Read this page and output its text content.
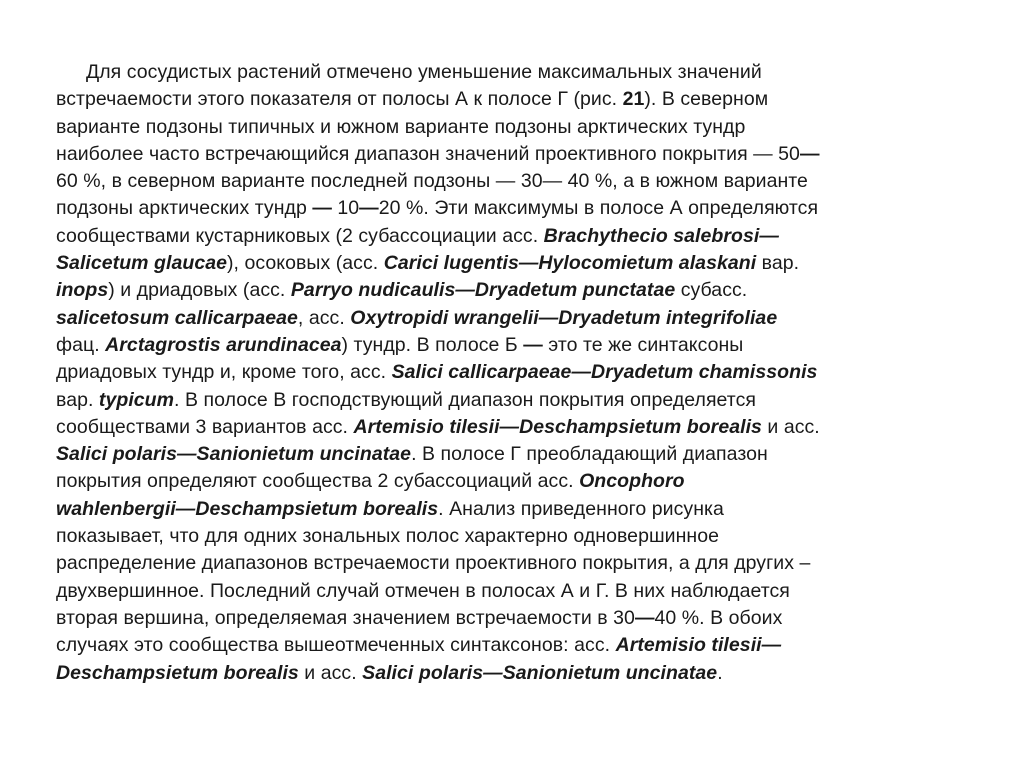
Для сосудистых растений отмечено уменьшение максимальных значений
встречаемости этого показателя от полосы А к полосе Г (рис. 21). В северном
варианте подзоны типичных и южном варианте подзоны арктических тундр
наиболее часто встречающийся диапазон значений проективного покрытия — 50—
60 %, в северном варианте последней подзоны — 30— 40 %, а в южном варианте
подзоны арктических тундр — 10—20 %. Эти максимумы в полосе А определяются
сообществами кустарниковых (2 субассоциации асс. Brachythecio salebrosi—
Salicetum glaucae), осоковых (асс. Carici lugentis—Hylocomietum alaskani вар.
inops) и дриадовых (асс. Parryo nudicaulis—Dryadetum punctatae субасс.
salicetosum callicarpaeae, асс. Oxytropidi wrangelii—Dryadetum integrifoliae
фац. Arctagrostis arundinacea) тундр. В полосе Б — это те же синтаксоны
дриадовых тундр и, кроме того, асс. Salici callicarpaeae—Dryadetum chamissonis
вар. typicum. В полосе В господствующий диапазон покрытия определяется
сообществами 3 вариантов асс. Artemisio tilesii—Deschampsietum borealis и асс.
Salici polaris—Sanionietum uncinatae. В полосе Г преобладающий диапазон
покрытия определяют сообщества 2 субассоциаций асс. Oncophoro
wahlenbergii—Deschampsietum borealis. Анализ приведенного рисунка
показывает, что для одних зональных полос характерно одновершинное
распределение диапазонов встречаемости проективного покрытия, а для других –
двухвершинное. Последний случай отмечен в полосах А и Г. В них наблюдается
вторая вершина, определяемая значением встречаемости в 30—40 %. В обоих
случаях это сообщества вышеотмеченных синтаксонов: асс. Artemisio tilesii—
Deschampsietum borealis и асс. Salici polaris—Sanionietum uncinatae.
